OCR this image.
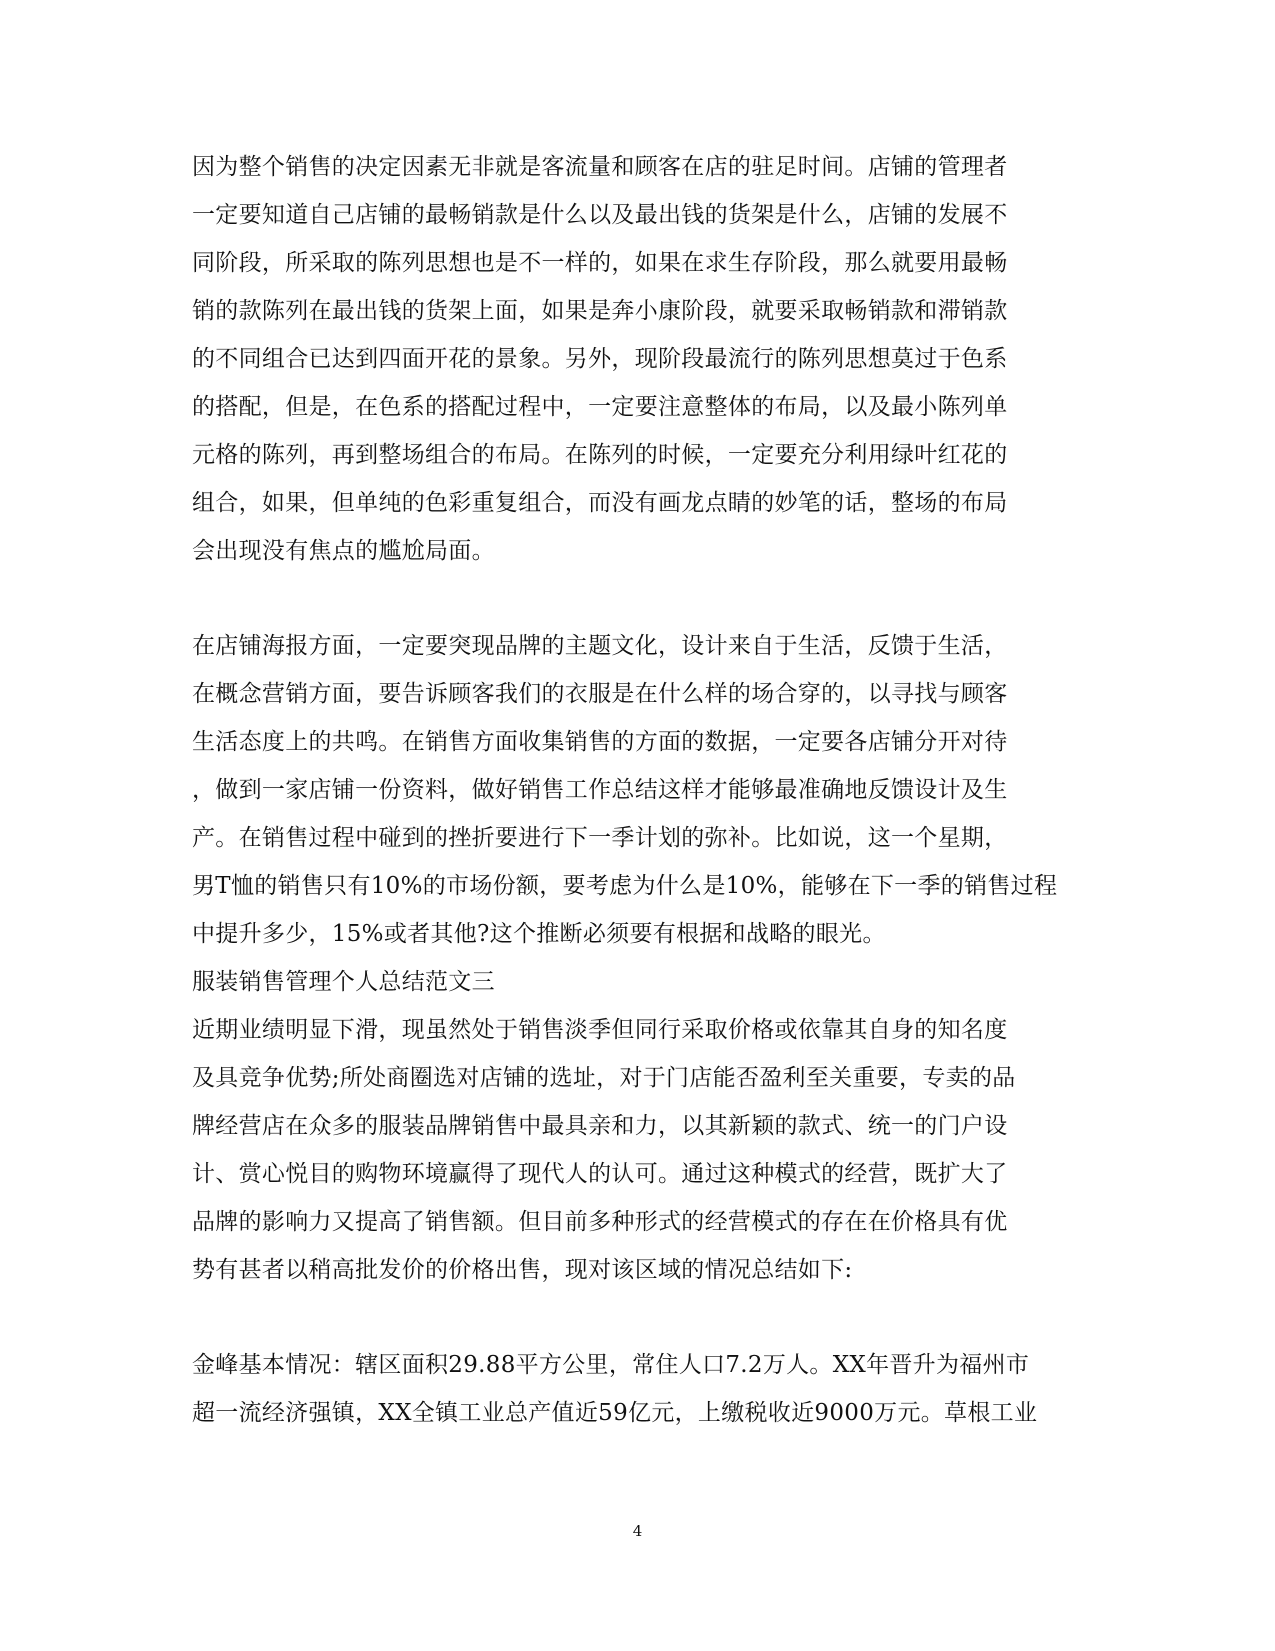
因为整个销售的决定因素无非就是客流量和顾客在店的驻足时间。店铺的管理者
一定要知道自己店铺的最畅销款是什么以及最出钱的货架是什么，店铺的发展不
同阶段，所采取的陈列思想也是不一样的，如果在求生存阶段，那么就要用最畅
销的款陈列在最出钱的货架上面，如果是奔小康阶段，就要采取畅销款和滞销款
的不同组合已达到四面开花的景象。另外，现阶段最流行的陈列思想莫过于色系
的搭配，但是，在色系的搭配过程中，一定要注意整体的布局，以及最小陈列单
元格的陈列，再到整场组合的布局。在陈列的时候，一定要充分利用绿叶红花的
组合，如果，但单纯的色彩重复组合，而没有画龙点睛的妙笔的话，整场的布局
会出现没有焦点的尴尬局面。
在店铺海报方面，一定要突现品牌的主题文化，设计来自于生活，反馈于生活，
在概念营销方面，要告诉顾客我们的衣服是在什么样的场合穿的，以寻找与顾客
生活态度上的共鸣。在销售方面收集销售的方面的数据，一定要各店铺分开对待
，做到一家店铺一份资料，做好销售工作总结这样才能够最准确地反馈设计及生
产。在销售过程中碰到的挫折要进行下一季计划的弥补。比如说，这一个星期，
男T恤的销售只有10%的市场份额，要考虑为什么是10%，能够在下一季的销售过程
中提升多少，15%或者其他?这个推断必须要有根据和战略的眼光。
服装销售管理个人总结范文三
近期业绩明显下滑，现虽然处于销售淡季但同行采取价格或依靠其自身的知名度
及具竞争优势;所处商圈选对店铺的选址，对于门店能否盈利至关重要，专卖的品
牌经营店在众多的服装品牌销售中最具亲和力，以其新颖的款式、统一的门户设
计、赏心悦目的购物环境赢得了现代人的认可。通过这种模式的经营，既扩大了
品牌的影响力又提高了销售额。但目前多种形式的经营模式的存在在价格具有优
势有甚者以稍高批发价的价格出售，现对该区域的情况总结如下:
金峰基本情况：辖区面积29.88平方公里，常住人口7.2万人。XX年晋升为福州市
超一流经济强镇，XX全镇工业总产值近59亿元，上缴税收近9000万元。草根工业
4
